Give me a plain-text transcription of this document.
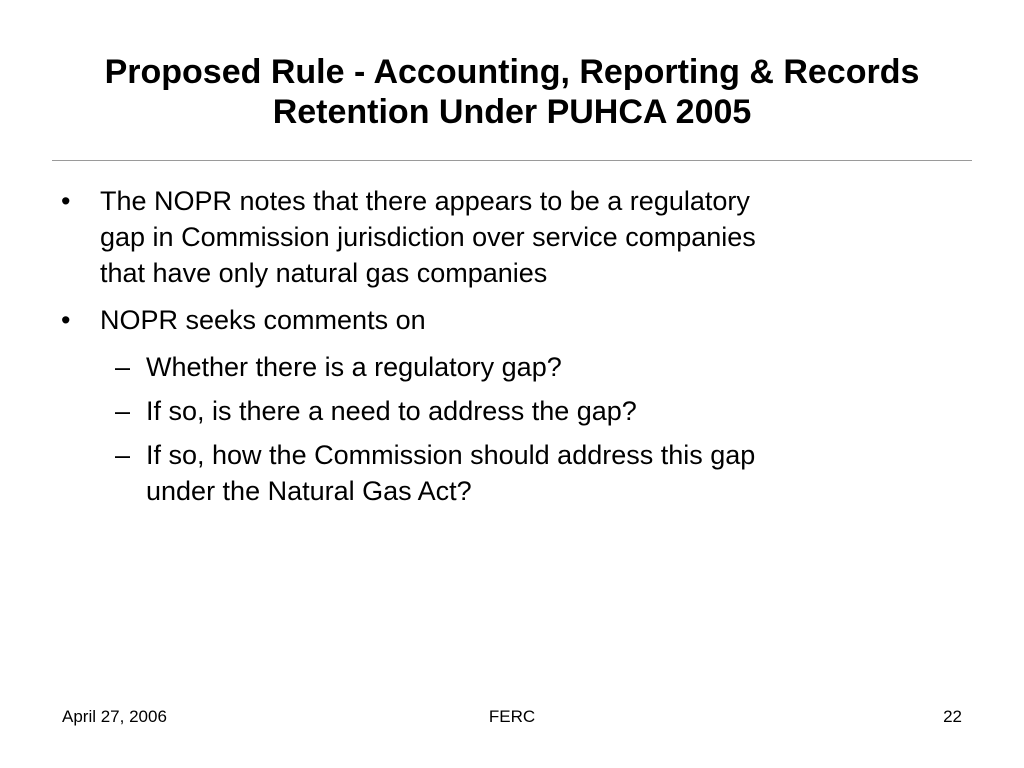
Proposed Rule - Accounting, Reporting & Records
Retention Under PUHCA 2005
• The NOPR notes that there appears to be a regulatory
gap in Commission jurisdiction over service companies
that have only natural gas companies
• NOPR seeks comments on
– Whether there is a regulatory gap?
– If so, is there a need to address the gap?
– If so, how the Commission should address this gap
under the Natural Gas Act?
FERC
April 27, 2006	22
